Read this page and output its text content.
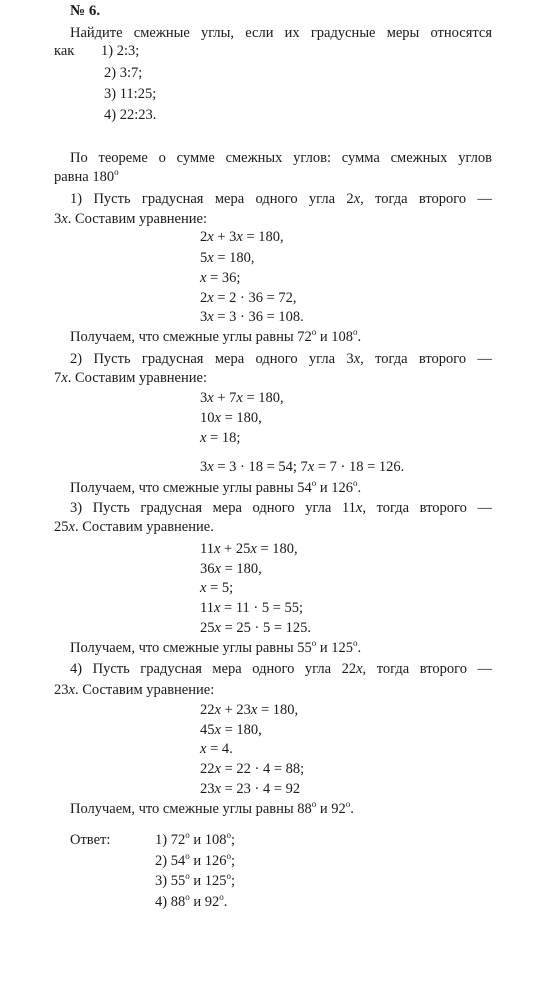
№ 6.
Найдите смежные углы, если их градусные меры относятся
как 1) 2:3;
2) 3:7;
3) 11:25;
4) 22:23.
По теореме о сумме смежных углов: сумма смежных углов
равна 180$^o$
1) Пусть градусная мера одного угла 2x, тогда второго —
3x. Составим уравнение:
2x + 3x = 180,
5x = 180,
x = 36;
2x = 2 · 36 = 72,
3x = 3 · 36 = 108.
Получаем, что смежные углы равны 72$^o$ и 108$^o$.
2) Пусть градусная мера одного угла 3x, тогда второго —
7x. Составим уравнение:
3x + 7x = 180,
10x = 180,
x = 18;
3x = 3 · 18 = 54; 7x = 7 · 18 = 126.
Получаем, что смежные углы равны 54$^o$ и 126$^o$.
3) Пусть градусная мера одного угла 11x, тогда второго —
25x. Составим уравнение.
11x + 25x = 180,
36x = 180,
x = 5;
11x = 11 · 5 = 55;
25x = 25 · 5 = 125.
Получаем, что смежные углы равны 55$^o$ и 125$^o$.
4) Пусть градусная мера одного угла 22x, тогда второго —
23x. Составим уравнение:
22x + 23x = 180,
45x = 180,
x = 4.
22x = 22 · 4 = 88;
23x = 23 · 4 = 92
Получаем, что смежные углы равны 88$^o$ и 92$^o$.
Ответ:	1) 72$^o$ и 108$^o$;
2) 54$^o$ и 126$^o$;
3) 55$^o$ и 125$^o$;
4) 88$^o$ и 92$^o$.
